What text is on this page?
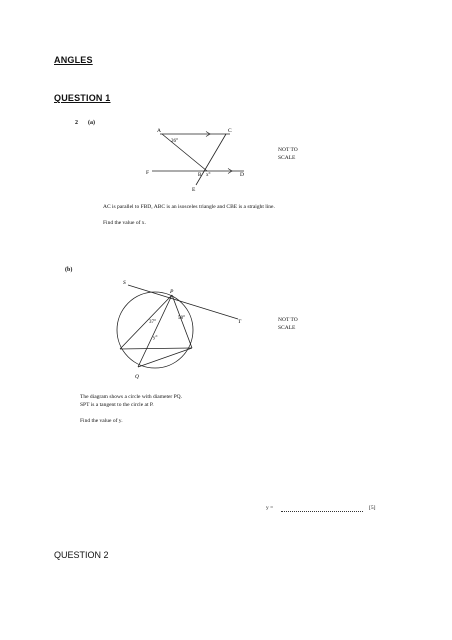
ANGLES
QUESTION 1
2 (a)
A	C
F	B	D
E
26°
x°
NOT TO
SCALE
AC is parallel to FBD, ABC is an isosceles triangle and CBE is a straight line.
Find the value of x.
(b)
S
P
T
Q
37°
58°
y°
NOT TO
SCALE
The diagram shows a circle with diameter PQ.
SPT is a tangent to the circle at P.
Find the value of y.
y =	[5]
QUESTION 2
